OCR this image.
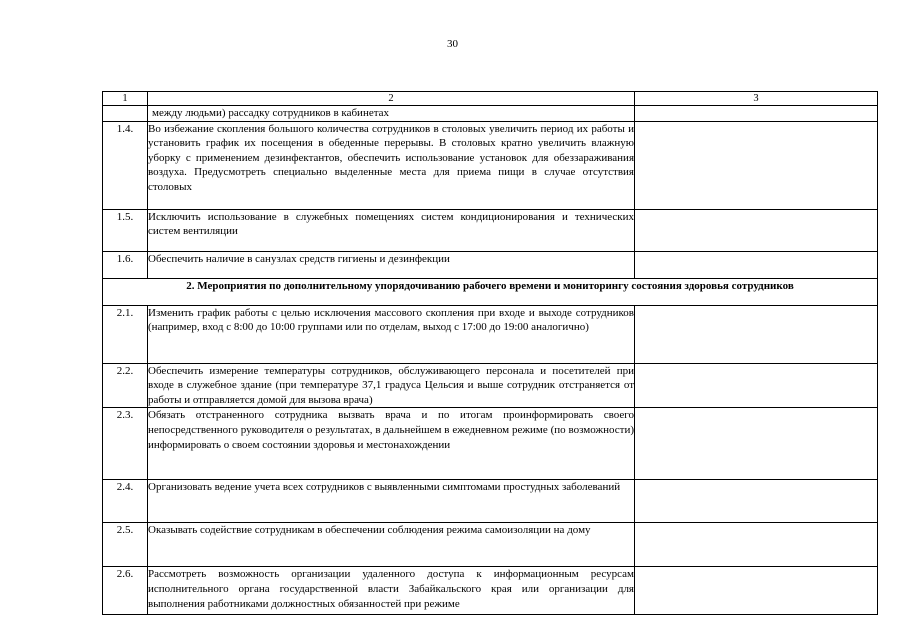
30
1	2	3
	между людьми) рассадку сотрудников в кабинетах	
1.4.	Во избежание скопления большого количества сотрудников в столовых увеличить период их работы и установить график их посещения в обеденные перерывы. В столовых кратно увеличить влажную уборку с применением дезинфектантов, обеспечить использование установок для обеззараживания воздуха. Предусмотреть специально выделенные места для приема пищи в случае отсутствия столовых	
1.5.	Исключить использование в служебных помещениях систем кондиционирования и технических систем вентиляции	
1.6.	Обеспечить наличие в санузлах средств гигиены и дезинфекции	
2. Мероприятия по дополнительному упорядочиванию рабочего времени и мониторингу состояния здоровья сотрудников		
2.1.	Изменить график работы с целью исключения массового скопления при входе и выходе сотрудников (например, вход с 8:00 до 10:00 группами или по отделам, выход с 17:00 до 19:00 аналогично)	
2.2.	Обеспечить измерение температуры сотрудников, обслуживающего персонала и посетителей при входе в служебное здание (при температуре 37,1 градуса Цельсия и выше сотрудник отстраняется от работы и отправляется домой для вызова врача)	
2.3.	Обязать отстраненного сотрудника вызвать врача и по итогам проинформировать своего непосредственного руководителя о результатах, в дальнейшем в ежедневном режиме (по возможности) информировать о своем состоянии здоровья и местонахождении	
2.4.	Организовать ведение учета всех сотрудников с выявленными симптомами простудных заболеваний	
2.5.	Оказывать содействие сотрудникам в обеспечении соблюдения режима самоизоляции на дому	
2.6.	Рассмотреть возможность организации удаленного доступа к информационным ресурсам исполнительного органа государственной власти Забайкальского края или организации для выполнения работниками должностных обязанностей при режиме	
